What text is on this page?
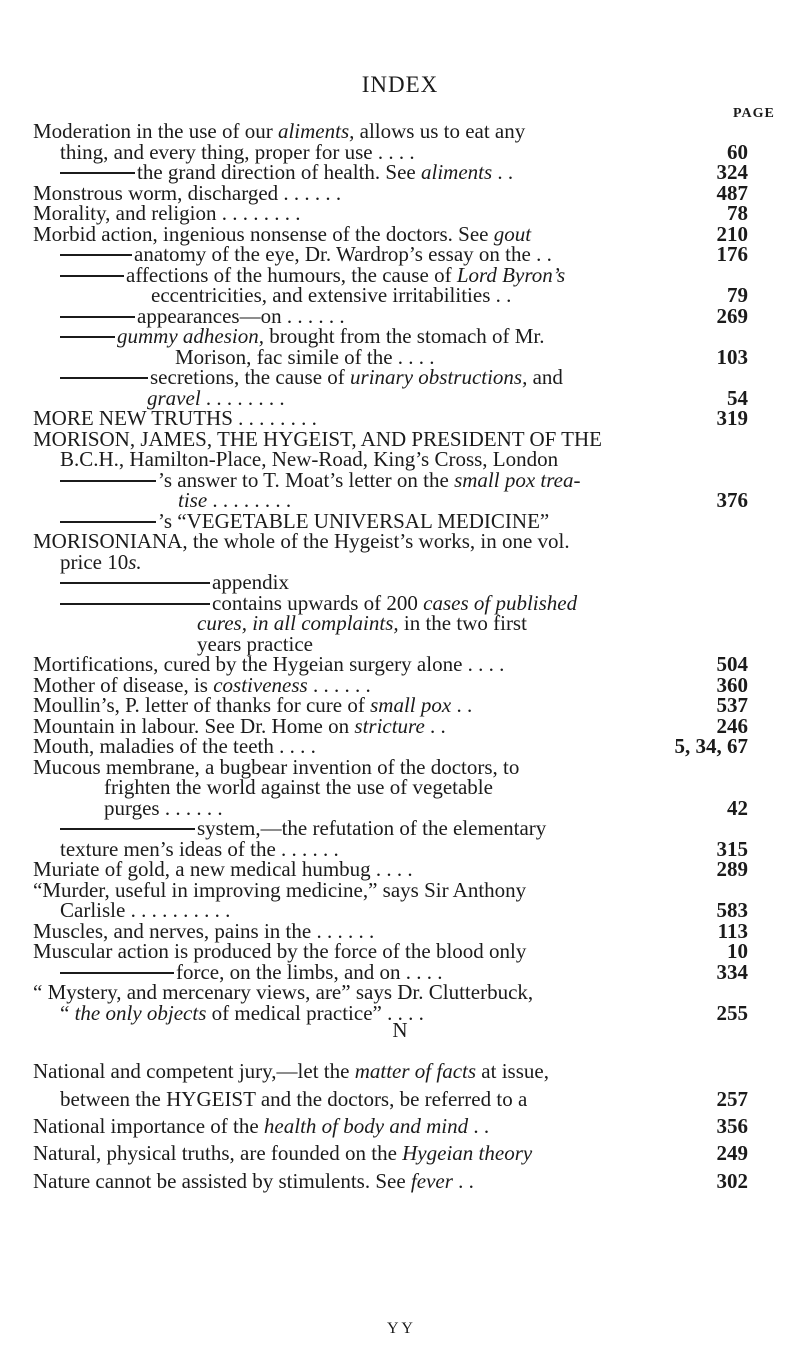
INDEX
PAGE
Moderation in the use of our aliments, allows us to eat any
thing, and every thing, proper for use . . . .	60
the grand direction of health. See aliments . .	324
Monstrous worm, discharged . . . . . .	487
Morality, and religion . . . . . . . .	78
Morbid action, ingenious nonsense of the doctors. See gout	210
anatomy of the eye, Dr. Wardrop’s essay on the . .	176
affections of the humours, the cause of Lord Byron’s
eccentricities, and extensive irritabilities . .	79
appearances—on . . . . . .	269
gummy adhesion, brought from the stomach of Mr.
Morison, fac simile of the . . . .	103
secretions, the cause of urinary obstructions, and
gravel . . . . . . . .	54
MORE NEW TRUTHS . . . . . . . .	319
MORISON, JAMES, THE HYGEIST, AND PRESIDENT OF THE
B.C.H., Hamilton-Place, New-Road, King’s Cross, London
’s answer to T. Moat’s letter on the small pox trea-
tise . . . . . . . .	376
’s “VEGETABLE UNIVERSAL MEDICINE”
MORISONIANA, the whole of the Hygeist’s works, in one vol.
price 10s.
appendix
contains upwards of 200 cases of published
cures, in all complaints, in the two first
years practice
Mortifications, cured by the Hygeian surgery alone . . . .	504
Mother of disease, is costiveness . . . . . .	360
Moullin’s, P. letter of thanks for cure of small pox . .	537
Mountain in labour. See Dr. Home on stricture . .	246
Mouth, maladies of the teeth . . . .	5, 34, 67
Mucous membrane, a bugbear invention of the doctors, to
frighten the world against the use of vegetable
purges . . . . . .	42
system,—the refutation of the elementary
texture men’s ideas of the . . . . . .	315
Muriate of gold, a new medical humbug . . . .	289
“Murder, useful in improving medicine,” says Sir Anthony
Carlisle . . . . . . . . . .	583
Muscles, and nerves, pains in the . . . . . .	113
Muscular action is produced by the force of the blood only	10
force, on the limbs, and on . . . .	334
“ Mystery, and mercenary views, are” says Dr. Clutterbuck,
“ the only objects of medical practice” . . . .	255
National and competent jury,—let the matter of facts at issue,
between the HYGEIST and the doctors, be referred to a	257
National importance of the health of body and mind . .	356
Natural, physical truths, are founded on the Hygeian theory	249
Nature cannot be assisted by stimulents. See fever . .	302
N
Y Y
